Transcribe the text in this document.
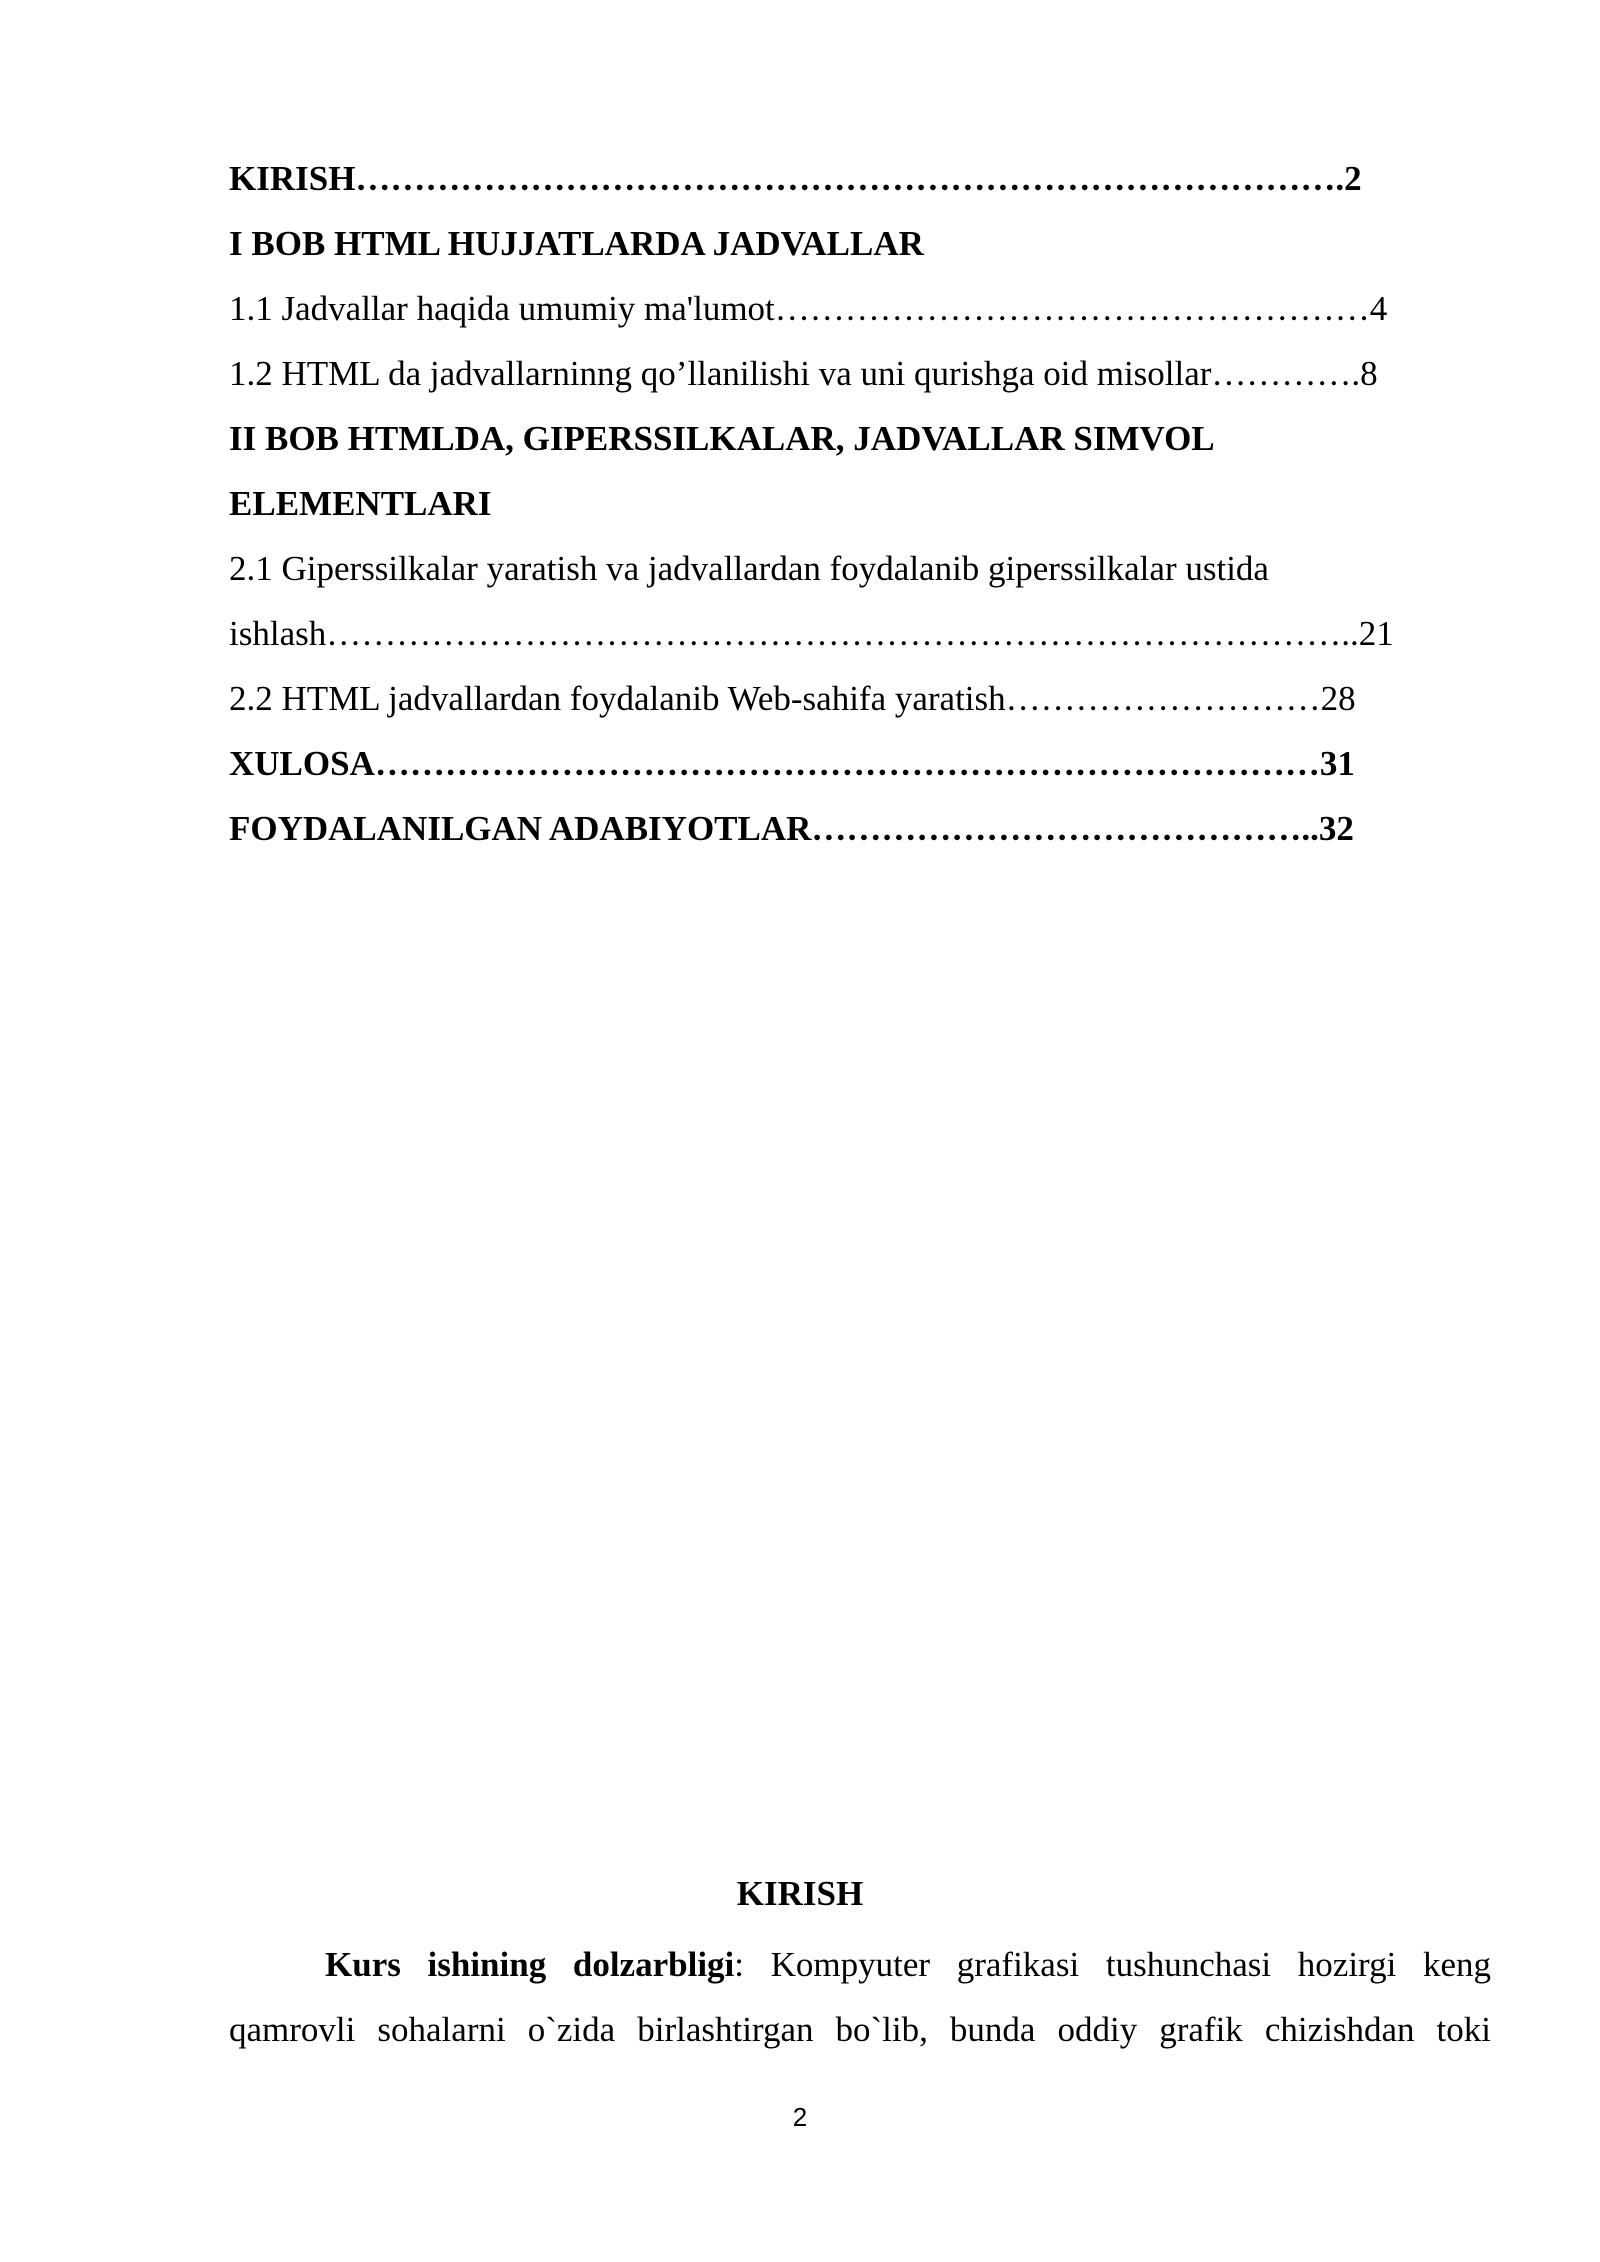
KIRISH………………………………………………………………………….2
I BOB HTML HUJJATLARDA JADVALLAR
1.1 Jadvallar haqida umumiy ma'lumot……………………………………………4
1.2 HTML da jadvallarninng qo’llanilishi va uni qurishga oid misollar………….8
II BOB HTMLDA, GIPERSSILKALAR, JADVALLAR SIMVOL
ELEMENTLARI
2.1 Giperssilkalar yaratish va jadvallardan foydalanib giperssilkalar ustida
ishlash……………………………………………………………………………..21
2.2 HTML jadvallardan foydalanib Web-sahifa yaratish………………………28
XULOSA………………………………………………………………………31
FOYDALANILGAN ADABIYOTLAR……………………………………..32
KIRISH
Kurs ishining dolzarbligi: Kompyuter grafikasi tushunchasi hozirgi keng
qamrovli sohalarni o`zida birlashtirgan bo`lib, bunda oddiy grafik chizishdan toki
2
